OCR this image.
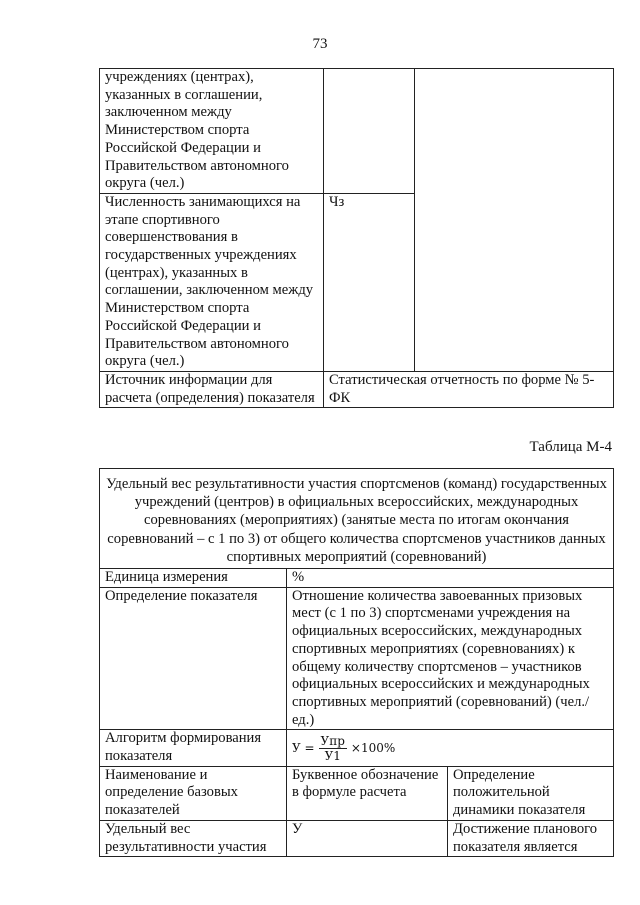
73
учреждениях (центрах), указанных в соглашении, заключенном между Министерством спорта Российской Федерации и Правительством автономного округа (чел.)		
Численность занимающихся на этапе спортивного совершенствования в государственных учреждениях (центрах), указанных в соглашении, заключенном между Министерством спорта Российской Федерации и Правительством автономного округа (чел.)	Чз	
Источник информации для расчета (определения) показателя	Статистическая отчетность по форме № 5-ФК	
Таблица М-4
Удельный вес результативности участия спортсменов (команд) государственных учреждений (центров) в официальных всероссийских, международных соревнованиях (мероприятиях) (занятые места по итогам окончания соревнований – с 1 по 3) от общего количества спортсменов участников данных спортивных мероприятий (соревнований)		
Единица измерения	%	
Определение показателя	Отношение количества завоеванных призовых мест (с 1 по 3) спортсменами учреждения на официальных всероссийских, международных спортивных мероприятиях (соревнованиях) к общему количеству спортсменов – участников официальных всероссийских и международных спортивных мероприятий (соревнований) (чел./ед.)	
Алгоритм формирования показателя	$У = \frac{\text{Упр}}{У1} \times 100\%$	

Наименование и определение базовых показателей	Буквенное обозначение в формуле расчета	Определение положительной динамики показателя
Удельный вес результативности участия	У	Достижение планового показателя является
